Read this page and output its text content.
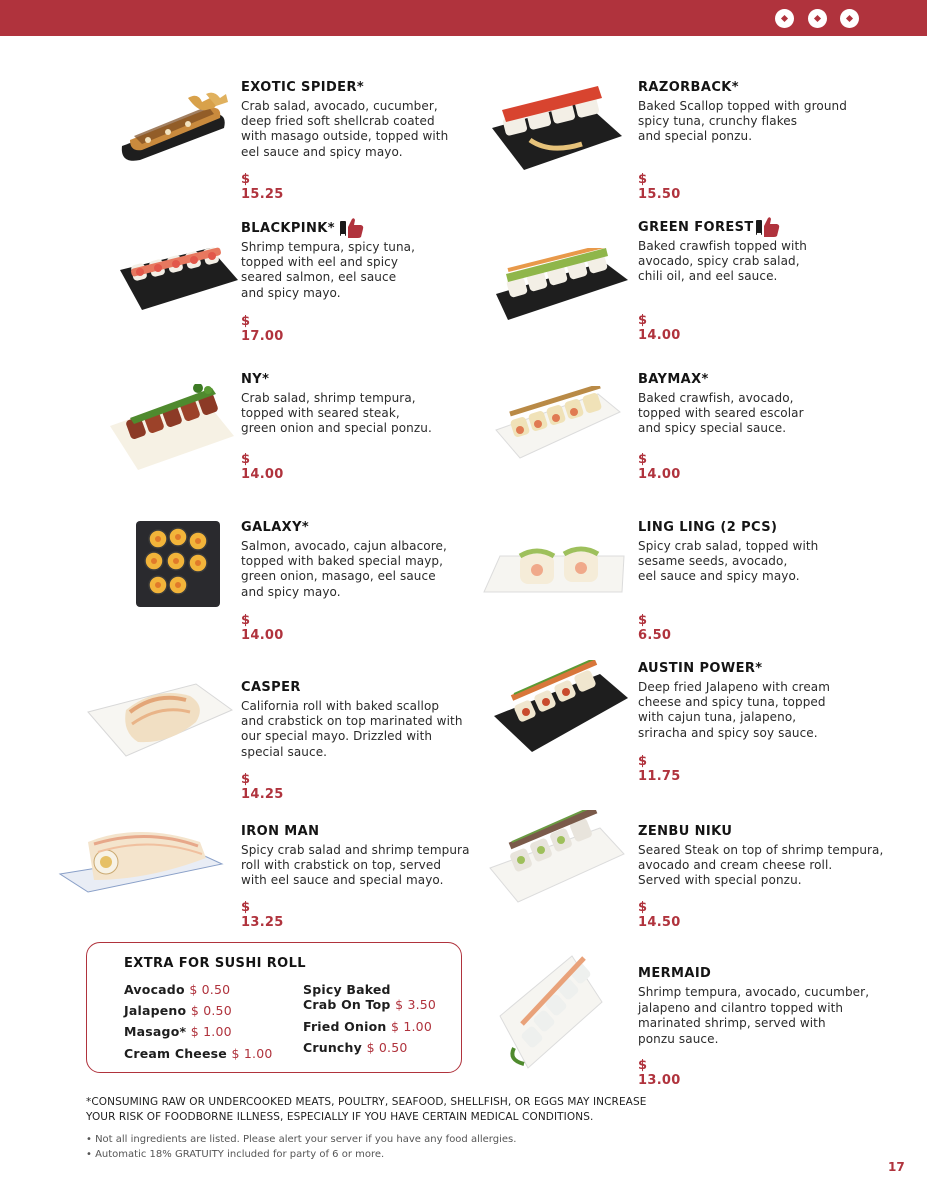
EXOTIC SPIDER*
Crab salad, avocado, cucumber,
deep fried soft shellcrab coated
with masago outside, topped with
eel sauce and spicy mayo.
$ 15.25
BLACKPINK*
Shrimp tempura, spicy tuna,
topped with eel and spicy
seared salmon, eel sauce
and spicy mayo.
$ 17.00
NY*
Crab salad, shrimp tempura,
topped with seared steak,
green onion and special ponzu.
$ 14.00
GALAXY*
Salmon, avocado, cajun albacore,
topped with baked special mayp,
green onion, masago, eel sauce
and spicy mayo.
$ 14.00
CASPER
California roll with baked scallop
and crabstick on top marinated with
our special mayo. Drizzled with
special sauce.
$ 14.25
IRON MAN
Spicy crab salad and shrimp tempura
roll with crabstick on top, served
with eel sauce and special mayo.
$ 13.25
RAZORBACK*
Baked Scallop topped with ground
spicy tuna, crunchy flakes
and special ponzu.
$ 15.50
GREEN FOREST
Baked crawfish topped with
avocado, spicy crab salad,
chili oil, and eel sauce.
$ 14.00
BAYMAX*
Baked crawfish, avocado,
topped with seared escolar
and spicy special sauce.
$ 14.00
LING LING (2 PCS)
Spicy crab salad, topped with
sesame seeds, avocado,
eel sauce and spicy mayo.
$ 6.50
AUSTIN POWER*
Deep fried Jalapeno with cream
cheese and spicy tuna, topped
with cajun tuna, jalapeno,
sriracha and spicy soy sauce.
$ 11.75
ZENBU NIKU
Seared Steak on top of shrimp tempura,
avocado and cream cheese roll.
Served with special ponzu.
$ 14.50
MERMAID
Shrimp tempura, avocado, cucumber,
jalapeno and cilantro topped with
marinated shrimp, served with
ponzu sauce.
$ 13.00
EXTRA FOR SUSHI ROLL
Avocado $ 0.50
Jalapeno $ 0.50
Masago* $ 1.00
Cream Cheese $ 1.00
Spicy Baked
Crab On Top $ 3.50
Fried Onion $ 1.00
Crunchy $ 0.50
*CONSUMING RAW OR UNDERCOOKED MEATS, POULTRY, SEAFOOD, SHELLFISH, OR EGGS MAY INCREASE
YOUR RISK OF FOODBORNE ILLNESS, ESPECIALLY IF YOU HAVE CERTAIN MEDICAL CONDITIONS.
• Not all ingredients are listed. Please alert your server if you have any food allergies.
• Automatic 18% GRATUITY included for party of 6 or more.
17
